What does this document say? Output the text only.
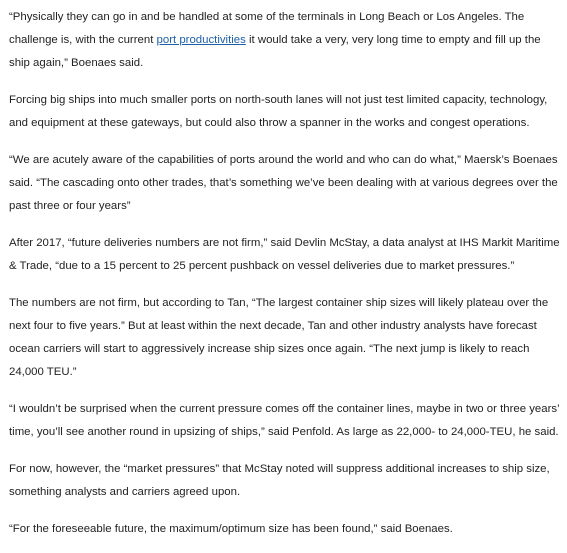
“Physically they can go in and be handled at some of the terminals in Long Beach or Los Angeles. The challenge is, with the current port productivities it would take a very, very long time to empty and fill up the ship again,” Boenaes said.

Forcing big ships into much smaller ports on north-south lanes will not just test limited capacity, technology, and equipment at these gateways, but could also throw a spanner in the works and congest operations.

“We are acutely aware of the capabilities of ports around the world and who can do what,” Maersk’s Boenaes said. “The cascading onto other trades, that’s something we’ve been dealing with at various degrees over the past three or four years”

After 2017, “future deliveries numbers are not firm,” said Devlin McStay, a data analyst at IHS Markit Maritime & Trade, “due to a 15 percent to 25 percent pushback on vessel deliveries due to market pressures.”

The numbers are not firm, but according to Tan, “The largest container ship sizes will likely plateau over the next four to five years.” But at least within the next decade, Tan and other industry analysts have forecast ocean carriers will start to aggressively increase ship sizes once again. “The next jump is likely to reach 24,000 TEU.”

“I wouldn’t be surprised when the current pressure comes off the container lines, maybe in two or three years’ time, you’ll see another round in upsizing of ships,” said Penfold. As large as 22,000- to 24,000-TEU, he said.

For now, however, the “market pressures” that McStay noted will suppress additional increases to ship size, something analysts and carriers agreed upon.

“For the foreseeable future, the maximum/optimum size has been found,” said Boenaes.
